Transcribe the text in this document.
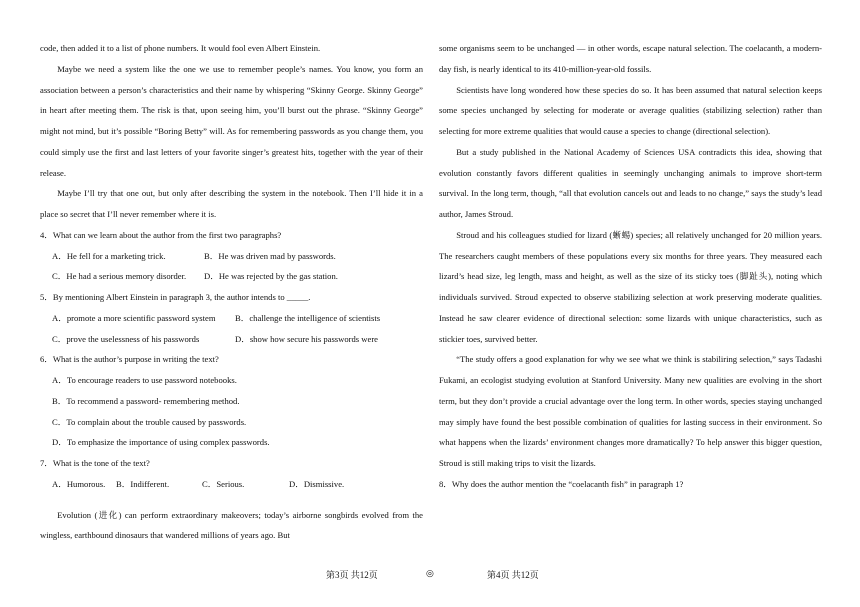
code, then added it to a list of phone numbers. It would fool even Albert Einstein.

Maybe we need a system like the one we use to remember people’s names. You know, you form an association between a person’s characteristics and their name by whispering “Skinny George. Skinny George” in heart after meeting them. The risk is that, upon seeing him, you’ll burst out the phrase. “Skinny George” might not mind, but it’s possible “Boring Betty” will. As for remembering passwords as you change them, you could simply use the first and last letters of your favorite singer’s greatest hits, together with the year of their release.

Maybe I’ll try that one out, but only after describing the system in the notebook. Then I’ll hide it in a place so secret that I’ll never remember where it is.

4．What can we learn about the author from the first two paragraphs?

A．He fell for a marketing trick.	B．He was driven mad by passwords.
C．He had a serious memory disorder.	D．He was rejected by the gas station.

5．By mentioning Albert Einstein in paragraph 3, the author intends to _____.

A．promote a more scientific password system	B．challenge the intelligence of scientists
C．prove the uselessness of his passwords	D．show how secure his passwords were

6．What is the author’s purpose in writing the text?

A．To encourage readers to use password notebooks.

B．To recommend a password- remembering method.

C．To complain about the trouble caused by passwords.

D．To emphasize the importance of using complex passwords.

7．What is the tone of the text?

A．Humorous.	B．Indifferent.	C．Serious.	D．Dismissive.

Evolution (进化) can perform extraordinary makeovers; today’s airborne songbirds evolved from the wingless, earthbound dinosaurs that wandered millions of years ago. But

some organisms seem to be unchanged — in other words, escape natural selection. The coelacanth, a modern-day fish, is nearly identical to its 410-million-year-old fossils.

Scientists have long wondered how these species do so. It has been assumed that natural selection keeps some species unchanged by selecting for moderate or average qualities (stabilizing selection) rather than selecting for more extreme qualities that would cause a species to change (directional selection).

But a study published in the National Academy of Sciences USA contradicts this idea, showing that evolution constantly favors different qualities in seemingly unchanging animals to improve short-term survival. In the long term, though, “all that evolution cancels out and leads to no change,” says the study’s lead author, James Stroud.

Stroud and his colleagues studied for lizard (蜥蜴) species; all relatively unchanged for 20 million years. The researchers caught members of these populations every six months for three years. They measured each lizard’s head size, leg length, mass and height, as well as the size of its sticky toes (脚趾头), noting which individuals survived. Stroud expected to observe stabilizing selection at work preserving moderate qualities. Instead he saw clearer evidence of directional selection: some lizards with unique characteristics, such as stickier toes, survived better.

“The study offers a good explanation for why we see what we think is stabiliring selection,” says Tadashi Fukami, an ecologist studying evolution at Stanford University. Many new qualities are evolving in the short term, but they don’t provide a crucial advantage over the long term. In other words, species staying unchanged may simply have found the best possible combination of qualities for lasting success in their environment. So what happens when the lizards’ environment changes more dramatically? To help answer this bigger question, Stroud is still making trips to visit the lizards.

8．Why does the author mention the “coelacanth fish” in paragraph 1?

第3页 共12页	◎	第4页 共12页
